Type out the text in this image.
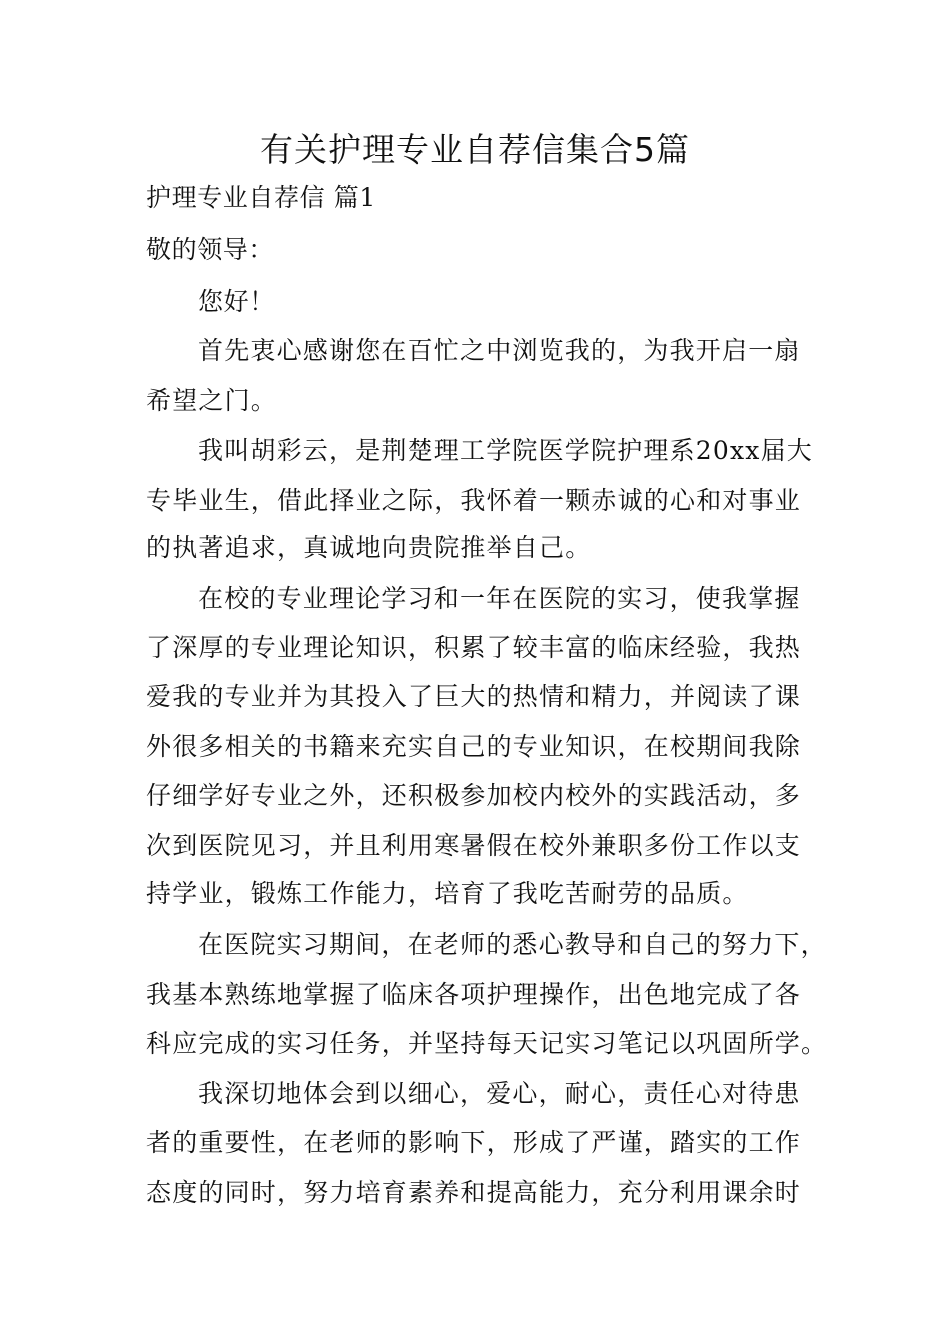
有关护理专业自荐信集合5篇

护理专业自荐信 篇1

敬的领导：

您好！

首先衷心感谢您在百忙之中浏览我的，为我开启一扇

希望之门。

我叫胡彩云，是荆楚理工学院医学院护理系20xx届大

专毕业生，借此择业之际，我怀着一颗赤诚的心和对事业

的执著追求，真诚地向贵院推举自己。

在校的专业理论学习和一年在医院的实习，使我掌握

了深厚的专业理论知识，积累了较丰富的临床经验，我热

爱我的专业并为其投入了巨大的热情和精力，并阅读了课

外很多相关的书籍来充实自己的专业知识，在校期间我除

仔细学好专业之外，还积极参加校内校外的实践活动，多

次到医院见习，并且利用寒暑假在校外兼职多份工作以支

持学业，锻炼工作能力，培育了我吃苦耐劳的品质。

在医院实习期间，在老师的悉心教导和自己的努力下，

我基本熟练地掌握了临床各项护理操作，出色地完成了各

科应完成的实习任务，并坚持每天记实习笔记以巩固所学。

我深切地体会到以细心，爱心，耐心，责任心对待患

者的重要性，在老师的影响下，形成了严谨，踏实的工作

态度的同时，努力培育素养和提高能力，充分利用课余时
